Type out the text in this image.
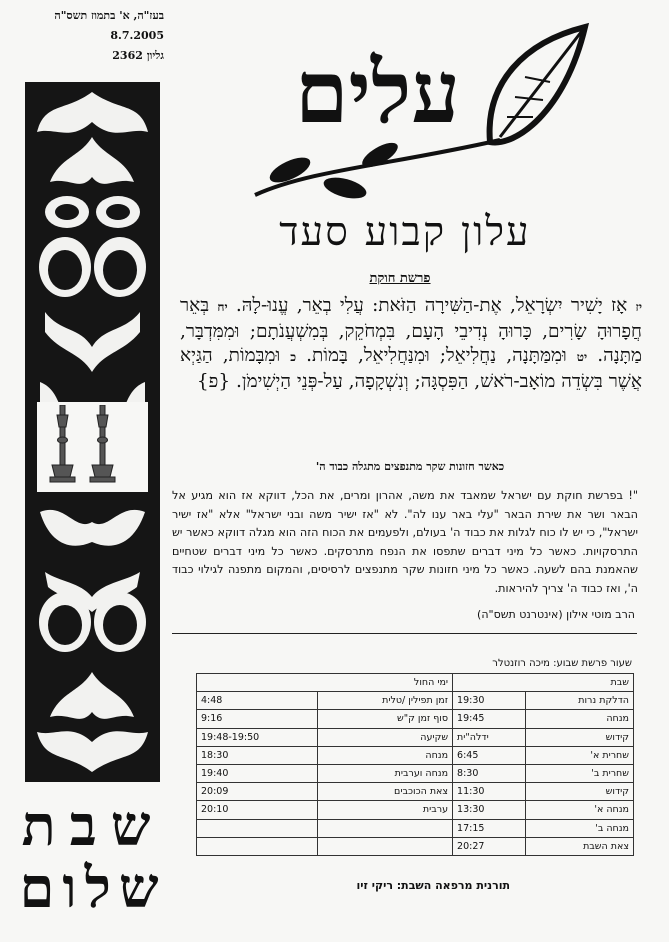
בעז"ה, א' בתמוז תשס"ה
8.7.2005
גליון 2362
שבת
שלום
עלים
עלון קבוע סעד
פרשת חוקת
יז אָז יָשִׁיר יִשְׂרָאֵל, אֶת-הַשִּׁירָה הַזֹּאת: עֲלִי בְאֵר, עֱנוּ-לָהּ. יח בְּאֵר חֲפָרוּהָ שָׂרִים, כָּרוּהָ נְדִיבֵי הָעָם, בִּמְחֹקֵק, בְּמִשְׁעֲנֹתָם; וּמִמִּדְבָּר, מַתָּנָה. יט וּמִמַּתָּנָה, נַחֲלִיאֵל; וּמִנַּחֲלִיאֵל, בָּמוֹת. כ וּמִבָּמוֹת, הַגַּיְא אֲשֶׁר בִּשְׂדֵה מוֹאָב-רֹאשׁ, הַפִּסְגָּה; וְנִשְׁקָפָה, עַל-פְּנֵי הַיְשִׁימֹן. {פ}
כאשר חזונות שקר מתנפצים מתגלה כבוד ה'
"! בפרשת חוקת עם ישראל שמאבד את משה, אהרון ומרים, את הכל, דווקא אז הוא מגיע אל הבאר ושר את שירת הבאר "עלי באר ענו לה". לא "אז ישיר משה ובני ישראל" אלא "אז ישיר ישראל", כי יש לו כוח לגלות את כבוד ה' בעולם, ולפעמים את הכוח הזה הוא מגלה דווקא כאשר יש התרסקויות. כאשר כל מיני דברים שתפסו את הנפח מתרסקים. כאשר כל מיני דברים שטחיים שהאמנת בהם לשעה. כאשר כל מיני חזונות שקר מתנפצים לרסיסים, והמקום מתפנה לגילוי כבוד ה', ואז כבוד ה' צריך להיראות.
הרב מוטי אילון (אינטרנט תשס"ה)
שעור פרשת שבוע: מיכה רוזנטלר
שבת		ימי החול	
הדלקת נרות	19:30	זמן תפילין /טלית	4:48
מנחה	19:45	סוף זמן ק"ש	9:16
קידוש	ידלה"ית	שקיעה	19:48-19:50
שחרית א'	6:45	מנחה	18:30
שחרית ב'	8:30	מנחה וערבית	19:40
קידוש	11:30	צאת הכוכבים	20:09
מנחה א'	13:30	ערבית	20:10
מנחה ב'	17:15		
צאת השבת	20:27		
תורנית מרפאה השבת: ריקי זיו
